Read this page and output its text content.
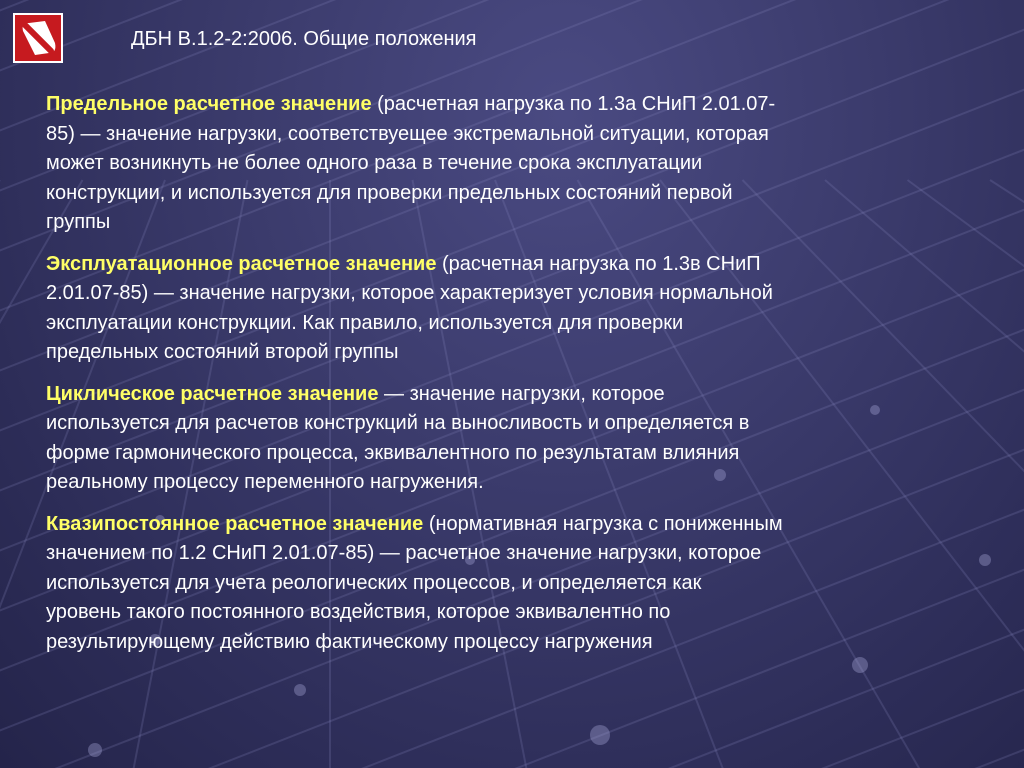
ДБН В.1.2-2:2006. Общие положения

Предельное расчетное значение (расчетная нагрузка по 1.3а СНиП 2.01.07-
85) — значение нагрузки, соответствуещее экстремальной ситуации, которая
может возникнуть не более одного раза в течение срока эксплуатации
конструкции, и используется для проверки предельных состояний первой
группы

Эксплуатационное расчетное значение (расчетная нагрузка по 1.3в СНиП
2.01.07-85) — значение нагрузки, которое характеризует условия нормальной
эксплуатации конструкции. Как правило, используется для проверки
предельных состояний второй группы

Циклическое расчетное значение — значение нагрузки, которое
используется для расчетов конструкций на выносливость и определяется в
форме гармонического процесса, эквивалентного по результатам влияния
реальному процессу переменного нагружения.

Квазипостоянное расчетное значение (нормативная нагрузка с пониженным
значением по 1.2 СНиП 2.01.07-85) — расчетное значение нагрузки, которое
используется для учета реологических процессов, и определяется как
уровень такого постоянного воздействия, которое эквивалентно по
результирующему действию фактическому процессу нагружения
